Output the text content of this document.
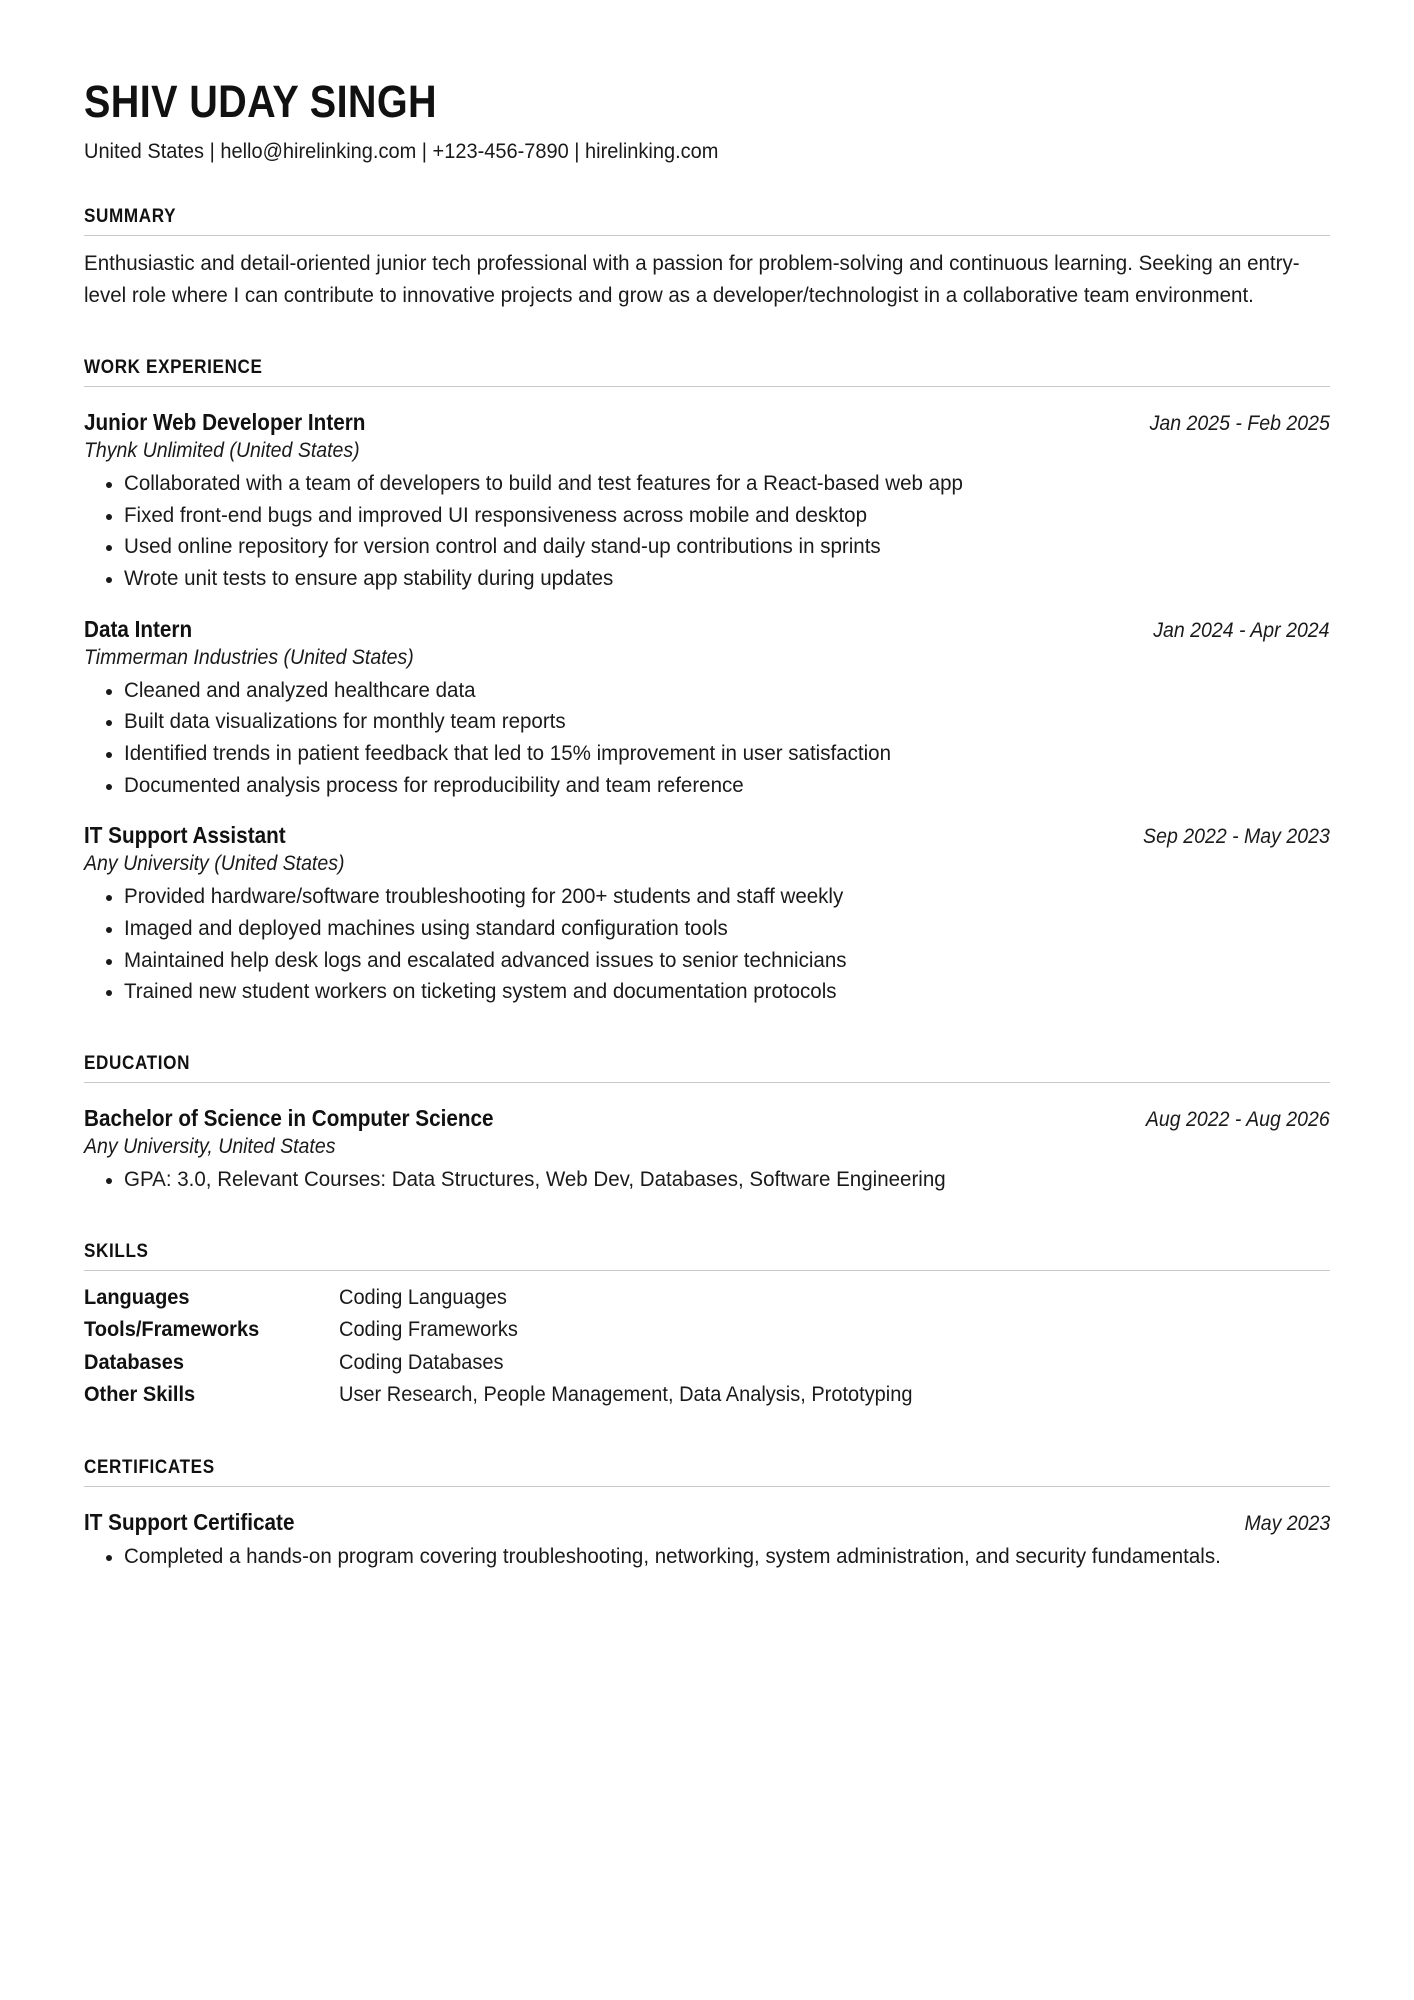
SHIV UDAY SINGH
United States | hello@hirelinking.com | +123-456-7890 | hirelinking.com
SUMMARY
Enthusiastic and detail-oriented junior tech professional with a passion for problem-solving and continuous learning. Seeking an entry-level role where I can contribute to innovative projects and grow as a developer/technologist in a collaborative team environment.
WORK EXPERIENCE
Junior Web Developer Intern	Jan 2025 - Feb 2025
Thynk Unlimited (United States)
Collaborated with a team of developers to build and test features for a React-based web app
Fixed front-end bugs and improved UI responsiveness across mobile and desktop
Used online repository for version control and daily stand-up contributions in sprints
Wrote unit tests to ensure app stability during updates
Data Intern	Jan 2024 - Apr 2024
Timmerman Industries (United States)
Cleaned and analyzed healthcare data
Built data visualizations for monthly team reports
Identified trends in patient feedback that led to 15% improvement in user satisfaction
Documented analysis process for reproducibility and team reference
IT Support Assistant	Sep 2022 - May 2023
Any University (United States)
Provided hardware/software troubleshooting for 200+ students and staff weekly
Imaged and deployed machines using standard configuration tools
Maintained help desk logs and escalated advanced issues to senior technicians
Trained new student workers on ticketing system and documentation protocols
EDUCATION
Bachelor of Science in Computer Science	Aug 2022 - Aug 2026
Any University, United States
GPA: 3.0, Relevant Courses: Data Structures, Web Dev, Databases, Software Engineering
SKILLS
Languages	Coding Languages
Tools/Frameworks	Coding Frameworks
Databases	Coding Databases
Other Skills	User Research, People Management, Data Analysis, Prototyping
CERTIFICATES
IT Support Certificate	May 2023
Completed a hands-on program covering troubleshooting, networking, system administration, and security fundamentals.
